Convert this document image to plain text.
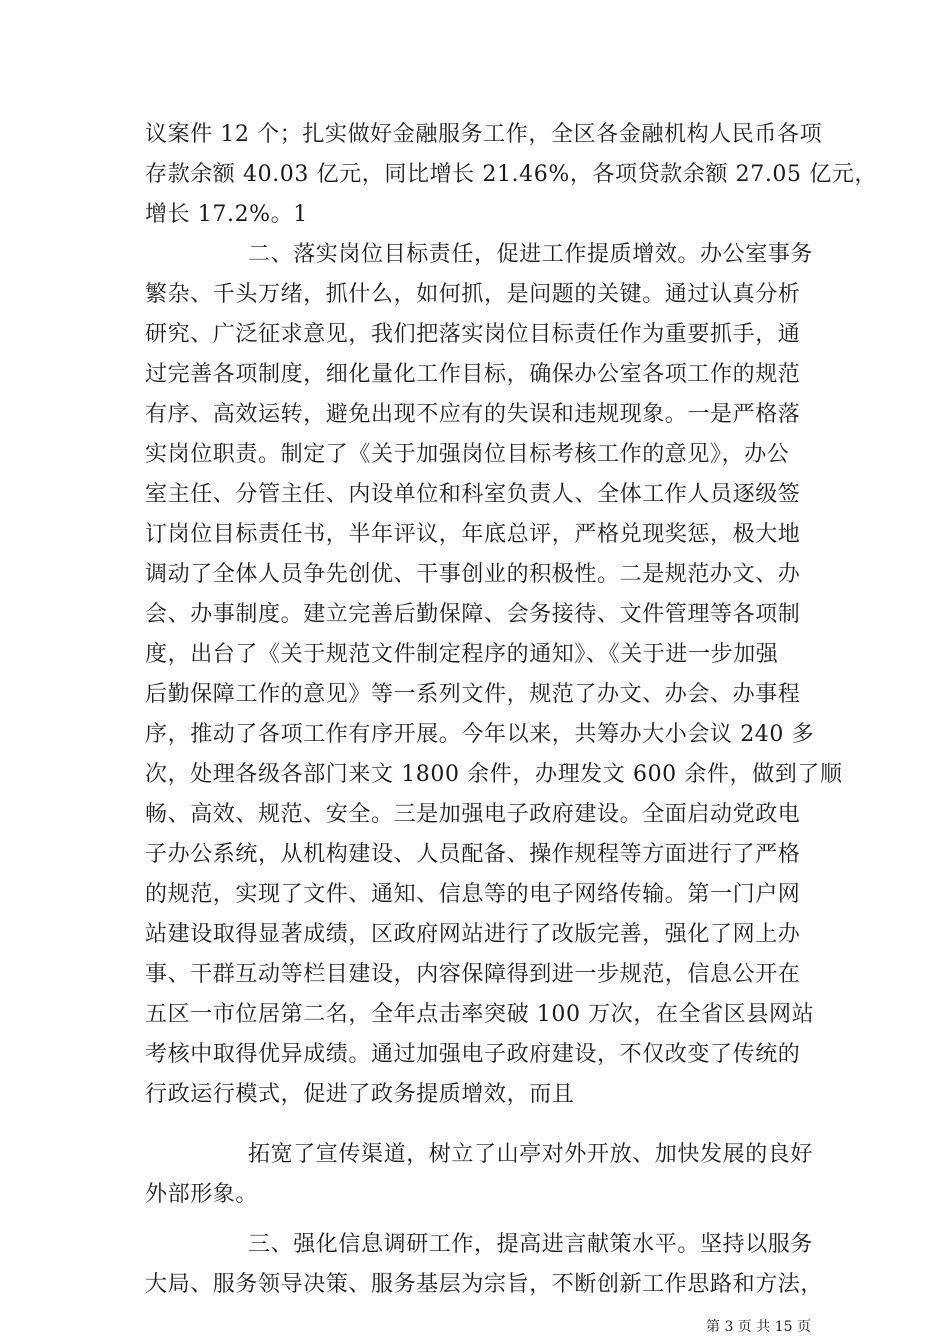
议案件 12 个；扎实做好金融服务工作，全区各金融机构人民币各项
存款余额 40.03 亿元，同比增长 21.46%，各项贷款余额 27.05 亿元，
增长 17.2%。1
二、落实岗位目标责任，促进工作提质增效。办公室事务
繁杂、千头万绪，抓什么，如何抓，是问题的关键。通过认真分析
研究、广泛征求意见，我们把落实岗位目标责任作为重要抓手，通
过完善各项制度，细化量化工作目标，确保办公室各项工作的规范
有序、高效运转，避免出现不应有的失误和违规现象。一是严格落
实岗位职责。制定了《关于加强岗位目标考核工作的意见》，办公
室主任、分管主任、内设单位和科室负责人、全体工作人员逐级签
订岗位目标责任书，半年评议，年底总评，严格兑现奖惩，极大地
调动了全体人员争先创优、干事创业的积极性。二是规范办文、办
会、办事制度。建立完善后勤保障、会务接待、文件管理等各项制
度，出台了《关于规范文件制定程序的通知》、《关于进一步加强
后勤保障工作的意见》等一系列文件，规范了办文、办会、办事程
序，推动了各项工作有序开展。今年以来，共筹办大小会议 240 多
次，处理各级各部门来文 1800 余件，办理发文 600 余件，做到了顺
畅、高效、规范、安全。三是加强电子政府建设。全面启动党政电
子办公系统，从机构建设、人员配备、操作规程等方面进行了严格
的规范，实现了文件、通知、信息等的电子网络传输。第一门户网
站建设取得显著成绩，区政府网站进行了改版完善，强化了网上办
事、干群互动等栏目建设，内容保障得到进一步规范，信息公开在
五区一市位居第二名，全年点击率突破 100 万次，在全省区县网站
考核中取得优异成绩。通过加强电子政府建设，不仅改变了传统的
行政运行模式，促进了政务提质增效，而且
拓宽了宣传渠道，树立了山亭对外开放、加快发展的良好
外部形象。
三、强化信息调研工作，提高进言献策水平。坚持以服务
大局、服务领导决策、服务基层为宗旨，不断创新工作思路和方法，
第 3 页 共 15 页
